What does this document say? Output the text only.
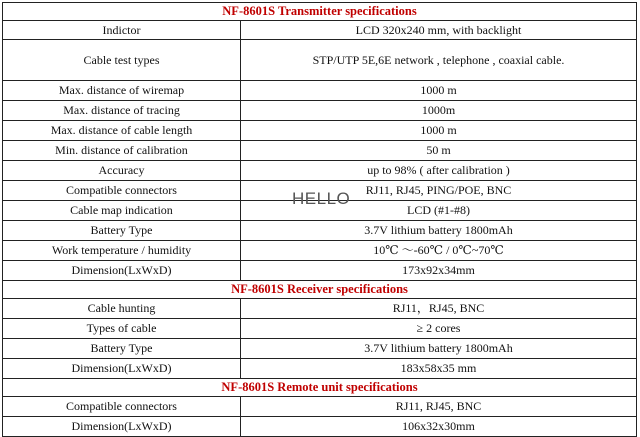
NF-8601S Transmitter specifications	
Indictor	LCD 320x240 mm, with backlight
Cable test types	STP/UTP 5E,6E network , telephone , coaxial cable.
Max. distance of wiremap	1000 m
Max. distance of tracing	1000m
Max. distance of cable length	1000 m
Min. distance of calibration	50 m
Accuracy	up to 98% ( after calibration )
Compatible connectors	RJ11, RJ45, PING/POE, BNC
Cable map indication	LCD (#1-#8)
Battery Type	3.7V lithium battery 1800mAh
Work temperature / humidity	10℃ ～-60℃ / 0℃~70℃
Dimension(LxWxD)	173x92x34mm
NF-8601S Receiver specifications	
Cable hunting	RJ11，RJ45, BNC
Types of cable	≥ 2 cores
Battery Type	3.7V lithium battery 1800mAh
Dimension(LxWxD)	183x58x35 mm
NF-8601S Remote unit specifications	
Compatible connectors	RJ11, RJ45, BNC
Dimension(LxWxD)	106x32x30mm
HELLO
